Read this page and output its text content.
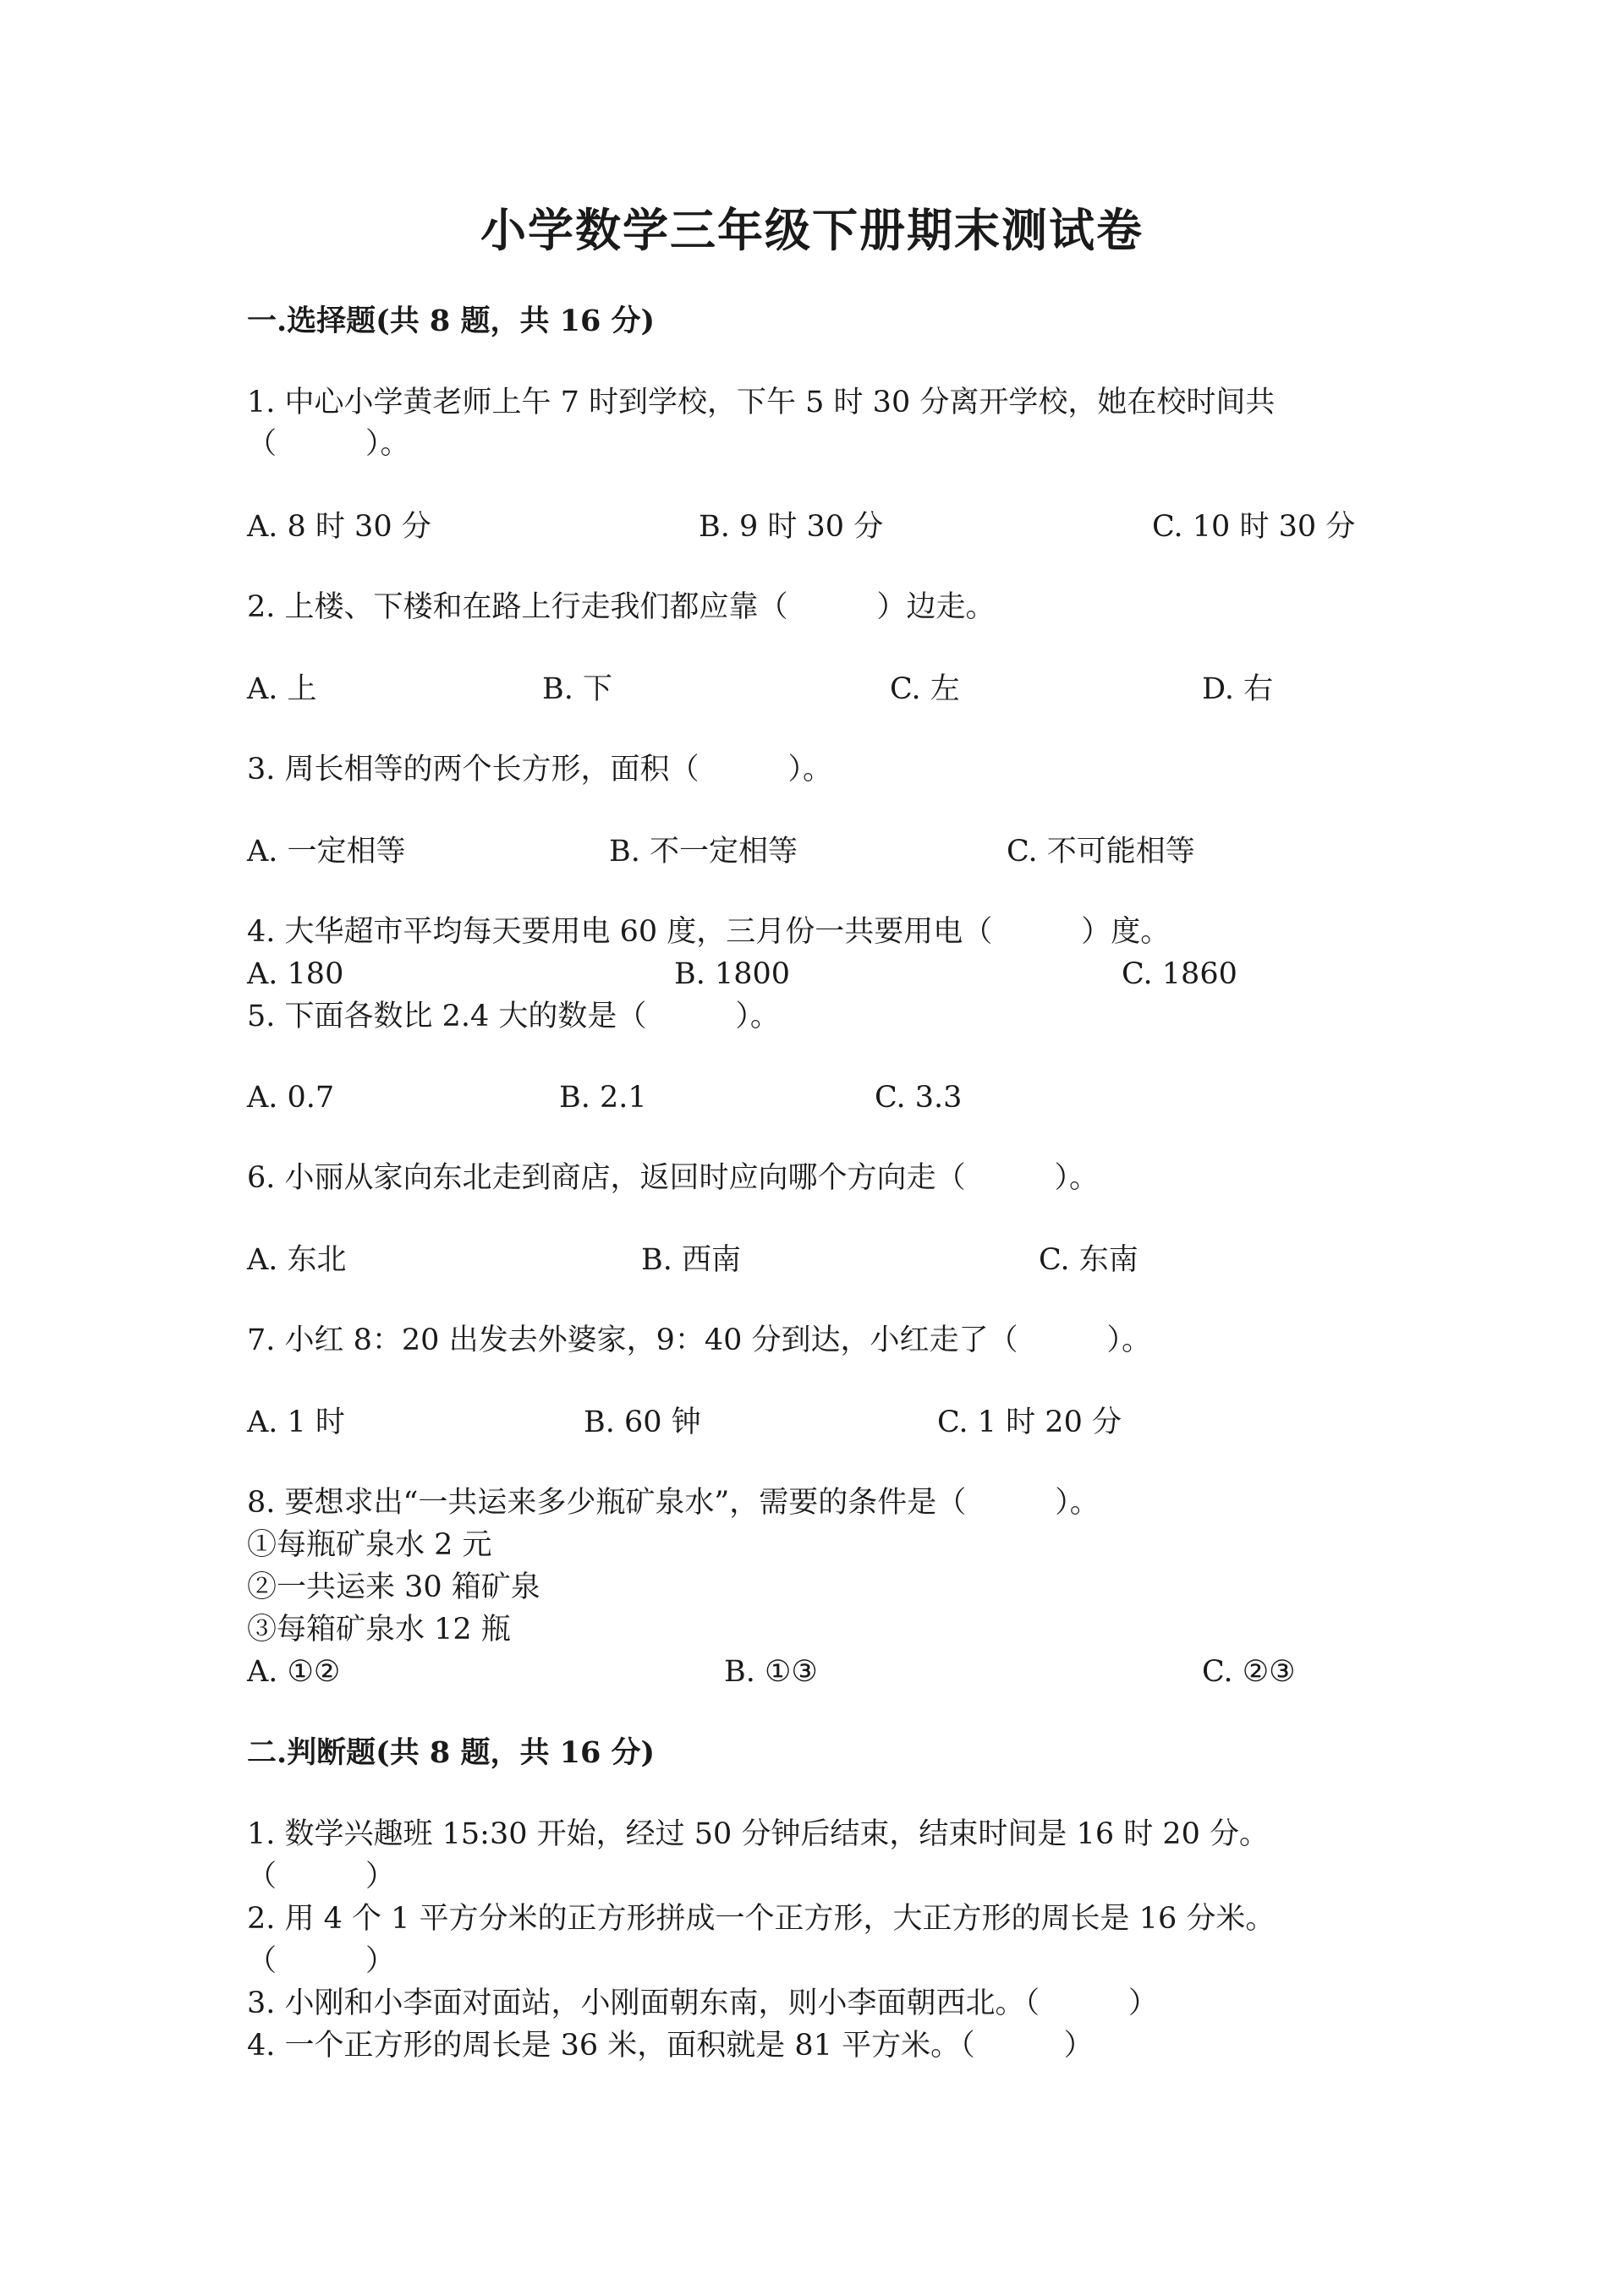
小学数学三年级下册期末测试卷
一.选择题(共 8 题，共 16 分)
1. 中心小学黄老师上午 7 时到学校，下午 5 时 30 分离开学校，她在校时间共
（　　　）。
A. 8 时 30 分	B. 9 时 30 分	C. 10 时 30 分
2. 上楼、下楼和在路上行走我们都应靠（　　　）边走。
A. 上	B. 下	C. 左	D. 右
3. 周长相等的两个长方形，面积（　　　）。
A. 一定相等	B. 不一定相等	C. 不可能相等
4. 大华超市平均每天要用电 60 度，三月份一共要用电（　　　）度。
A. 180	B. 1800	C. 1860
5. 下面各数比 2.4 大的数是（　　　）。
A. 0.7	B. 2.1	C. 3.3
6. 小丽从家向东北走到商店，返回时应向哪个方向走（　　　）。
A. 东北	B. 西南	C. 东南
7. 小红 8：20 出发去外婆家，9：40 分到达，小红走了（　　　）。
A. 1 时	B. 60 钟	C. 1 时 20 分
8. 要想求出“一共运来多少瓶矿泉水”，需要的条件是（　　　）。
①每瓶矿泉水 2 元
②一共运来 30 箱矿泉
③每箱矿泉水 12 瓶
A. ①②	B. ①③	C. ②③
二.判断题(共 8 题，共 16 分)
1. 数学兴趣班 15:30 开始，经过 50 分钟后结束，结束时间是 16 时 20 分。
（　　　）
2. 用 4 个 1 平方分米的正方形拼成一个正方形，大正方形的周长是 16 分米。
（　　　）
3. 小刚和小李面对面站，小刚面朝东南，则小李面朝西北。（　　　）
4. 一个正方形的周长是 36 米，面积就是 81 平方米。（　　　）
